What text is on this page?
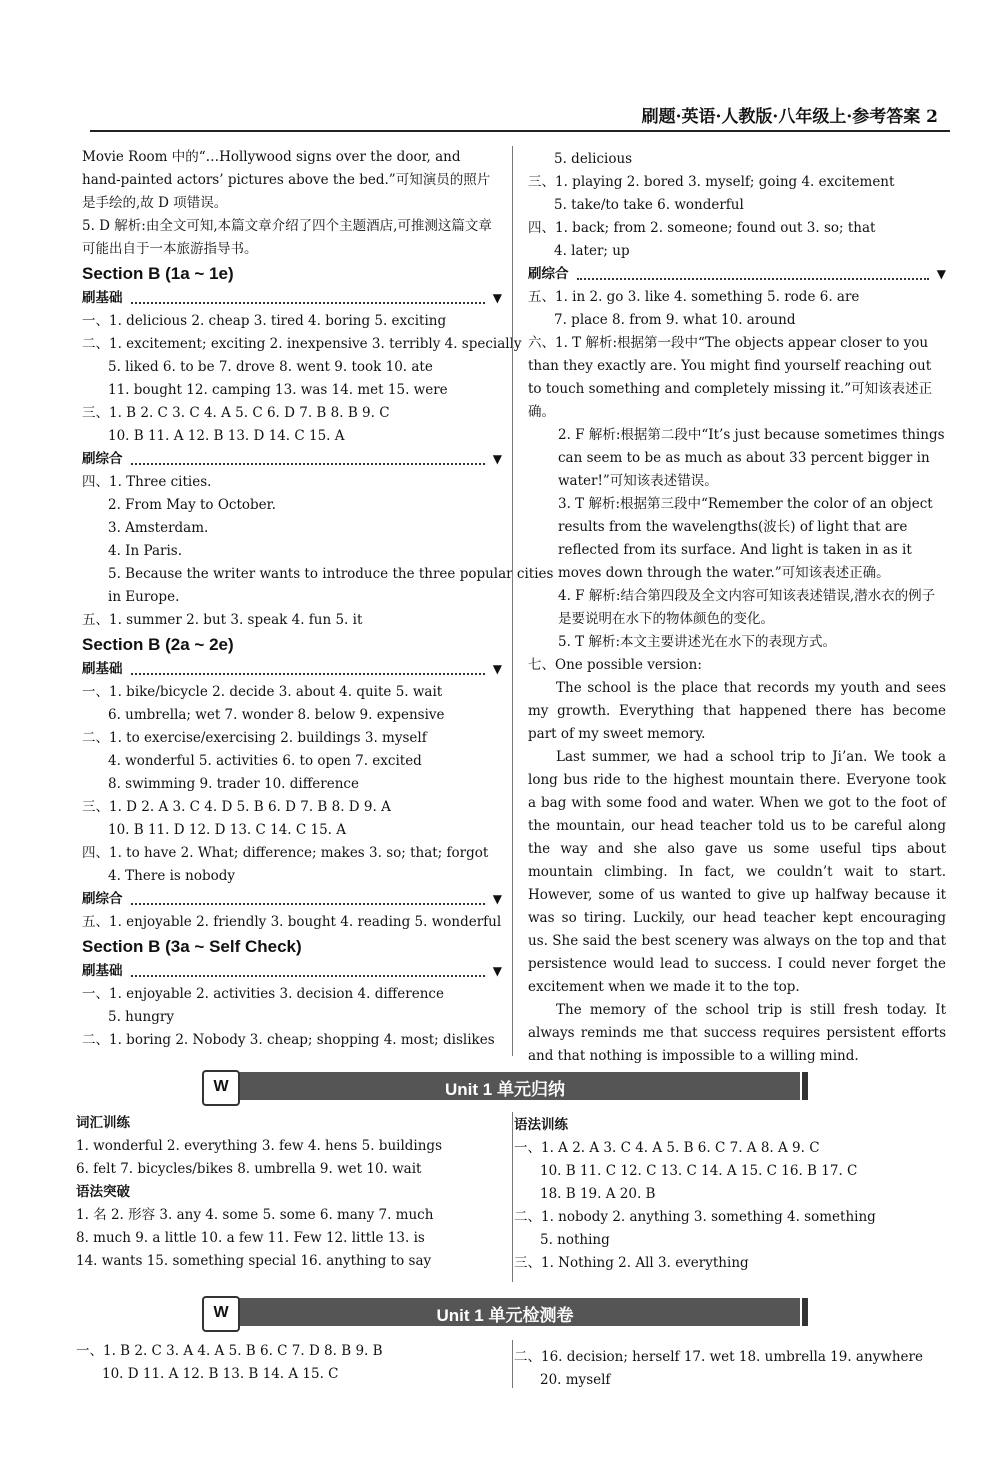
刷题·英语·人教版·八年级上·参考答案 2
Movie Room 中的“…Hollywood signs over the door, and hand-painted actors’ pictures above the bed.”可知演员的照片是手绘的,故 D 项错误。
5. D 解析:由全文可知,本篇文章介绍了四个主题酒店,可推测这篇文章可能出自于一本旅游指导书。
Section B (1a ~ 1e)
刷基础	▼
一、1. delicious 2. cheap 3. tired 4. boring 5. exciting
二、1. excitement; exciting 2. inexpensive 3. terribly 4. specially
5. liked 6. to be 7. drove 8. went 9. took 10. ate
11. bought 12. camping 13. was 14. met 15. were
三、1. B 2. C 3. C 4. A 5. C 6. D 7. B 8. B 9. C
10. B 11. A 12. B 13. D 14. C 15. A
刷综合	▼
四、1. Three cities.
2. From May to October.
3. Amsterdam.
4. In Paris.
5. Because the writer wants to introduce the three popular cities
in Europe.
五、1. summer 2. but 3. speak 4. fun 5. it
Section B (2a ~ 2e)
刷基础	▼
一、1. bike/bicycle 2. decide 3. about 4. quite 5. wait
6. umbrella; wet 7. wonder 8. below 9. expensive
二、1. to exercise/exercising 2. buildings 3. myself
4. wonderful 5. activities 6. to open 7. excited
8. swimming 9. trader 10. difference
三、1. D 2. A 3. C 4. D 5. B 6. D 7. B 8. D 9. A
10. B 11. D 12. D 13. C 14. C 15. A
四、1. to have 2. What; difference; makes 3. so; that; forgot
4. There is nobody
刷综合	▼
五、1. enjoyable 2. friendly 3. bought 4. reading 5. wonderful
Section B (3a ~ Self Check)
刷基础	▼
一、1. enjoyable 2. activities 3. decision 4. difference
5. hungry
二、1. boring 2. Nobody 3. cheap; shopping 4. most; dislikes
5. delicious
三、1. playing 2. bored 3. myself; going 4. excitement
5. take/to take 6. wonderful
四、1. back; from 2. someone; found out 3. so; that
4. later; up
刷综合	▼
五、1. in 2. go 3. like 4. something 5. rode 6. are
7. place 8. from 9. what 10. around
六、1. T 解析:根据第一段中“The objects appear closer to you than they exactly are. You might find yourself reaching out to touch something and completely missing it.”可知该表述正确。
2. F 解析:根据第二段中“It’s just because sometimes things can seem to be as much as about 33 percent bigger in water!”可知该表述错误。
3. T 解析:根据第三段中“Remember the color of an object results from the wavelengths(波长) of light that are reflected from its surface. And light is taken in as it moves down through the water.”可知该表述正确。
4. F 解析:结合第四段及全文内容可知该表述错误,潜水衣的例子是要说明在水下的物体颜色的变化。
5. T 解析:本文主要讲述光在水下的表现方式。
七、One possible version:

The school is the place that records my youth and sees my growth. Everything that happened there has become part of my sweet memory.

Last summer, we had a school trip to Ji’an. We took a long bus ride to the highest mountain there. Everyone took a bag with some food and water. When we got to the foot of the mountain, our head teacher told us to be careful along the way and she also gave us some useful tips about mountain climbing. In fact, we couldn’t wait to start. However, some of us wanted to give up halfway because it was so tiring. Luckily, our head teacher kept encouraging us. She said the best scenery was always on the top and that persistence would lead to success. I could never forget the excitement when we made it to the top.

The memory of the school trip is still fresh today. It always reminds me that success requires persistent efforts and that nothing is impossible to a willing mind.

W	Unit 1 单元归纳
词汇训练
1. wonderful 2. everything 3. few 4. hens 5. buildings
6. felt 7. bicycles/bikes 8. umbrella 9. wet 10. wait
语法突破
1. 名 2. 形容 3. any 4. some 5. some 6. many 7. much
8. much 9. a little 10. a few 11. Few 12. little 13. is
14. wants 15. something special 16. anything to say
语法训练
一、1. A 2. A 3. C 4. A 5. B 6. C 7. A 8. A 9. C
10. B 11. C 12. C 13. C 14. A 15. C 16. B 17. C
18. B 19. A 20. B
二、1. nobody 2. anything 3. something 4. something
5. nothing
三、1. Nothing 2. All 3. everything
W	Unit 1 单元检测卷
一、1. B 2. C 3. A 4. A 5. B 6. C 7. D 8. B 9. B
10. D 11. A 12. B 13. B 14. A 15. C
二、16. decision; herself 17. wet 18. umbrella 19. anywhere
20. myself
